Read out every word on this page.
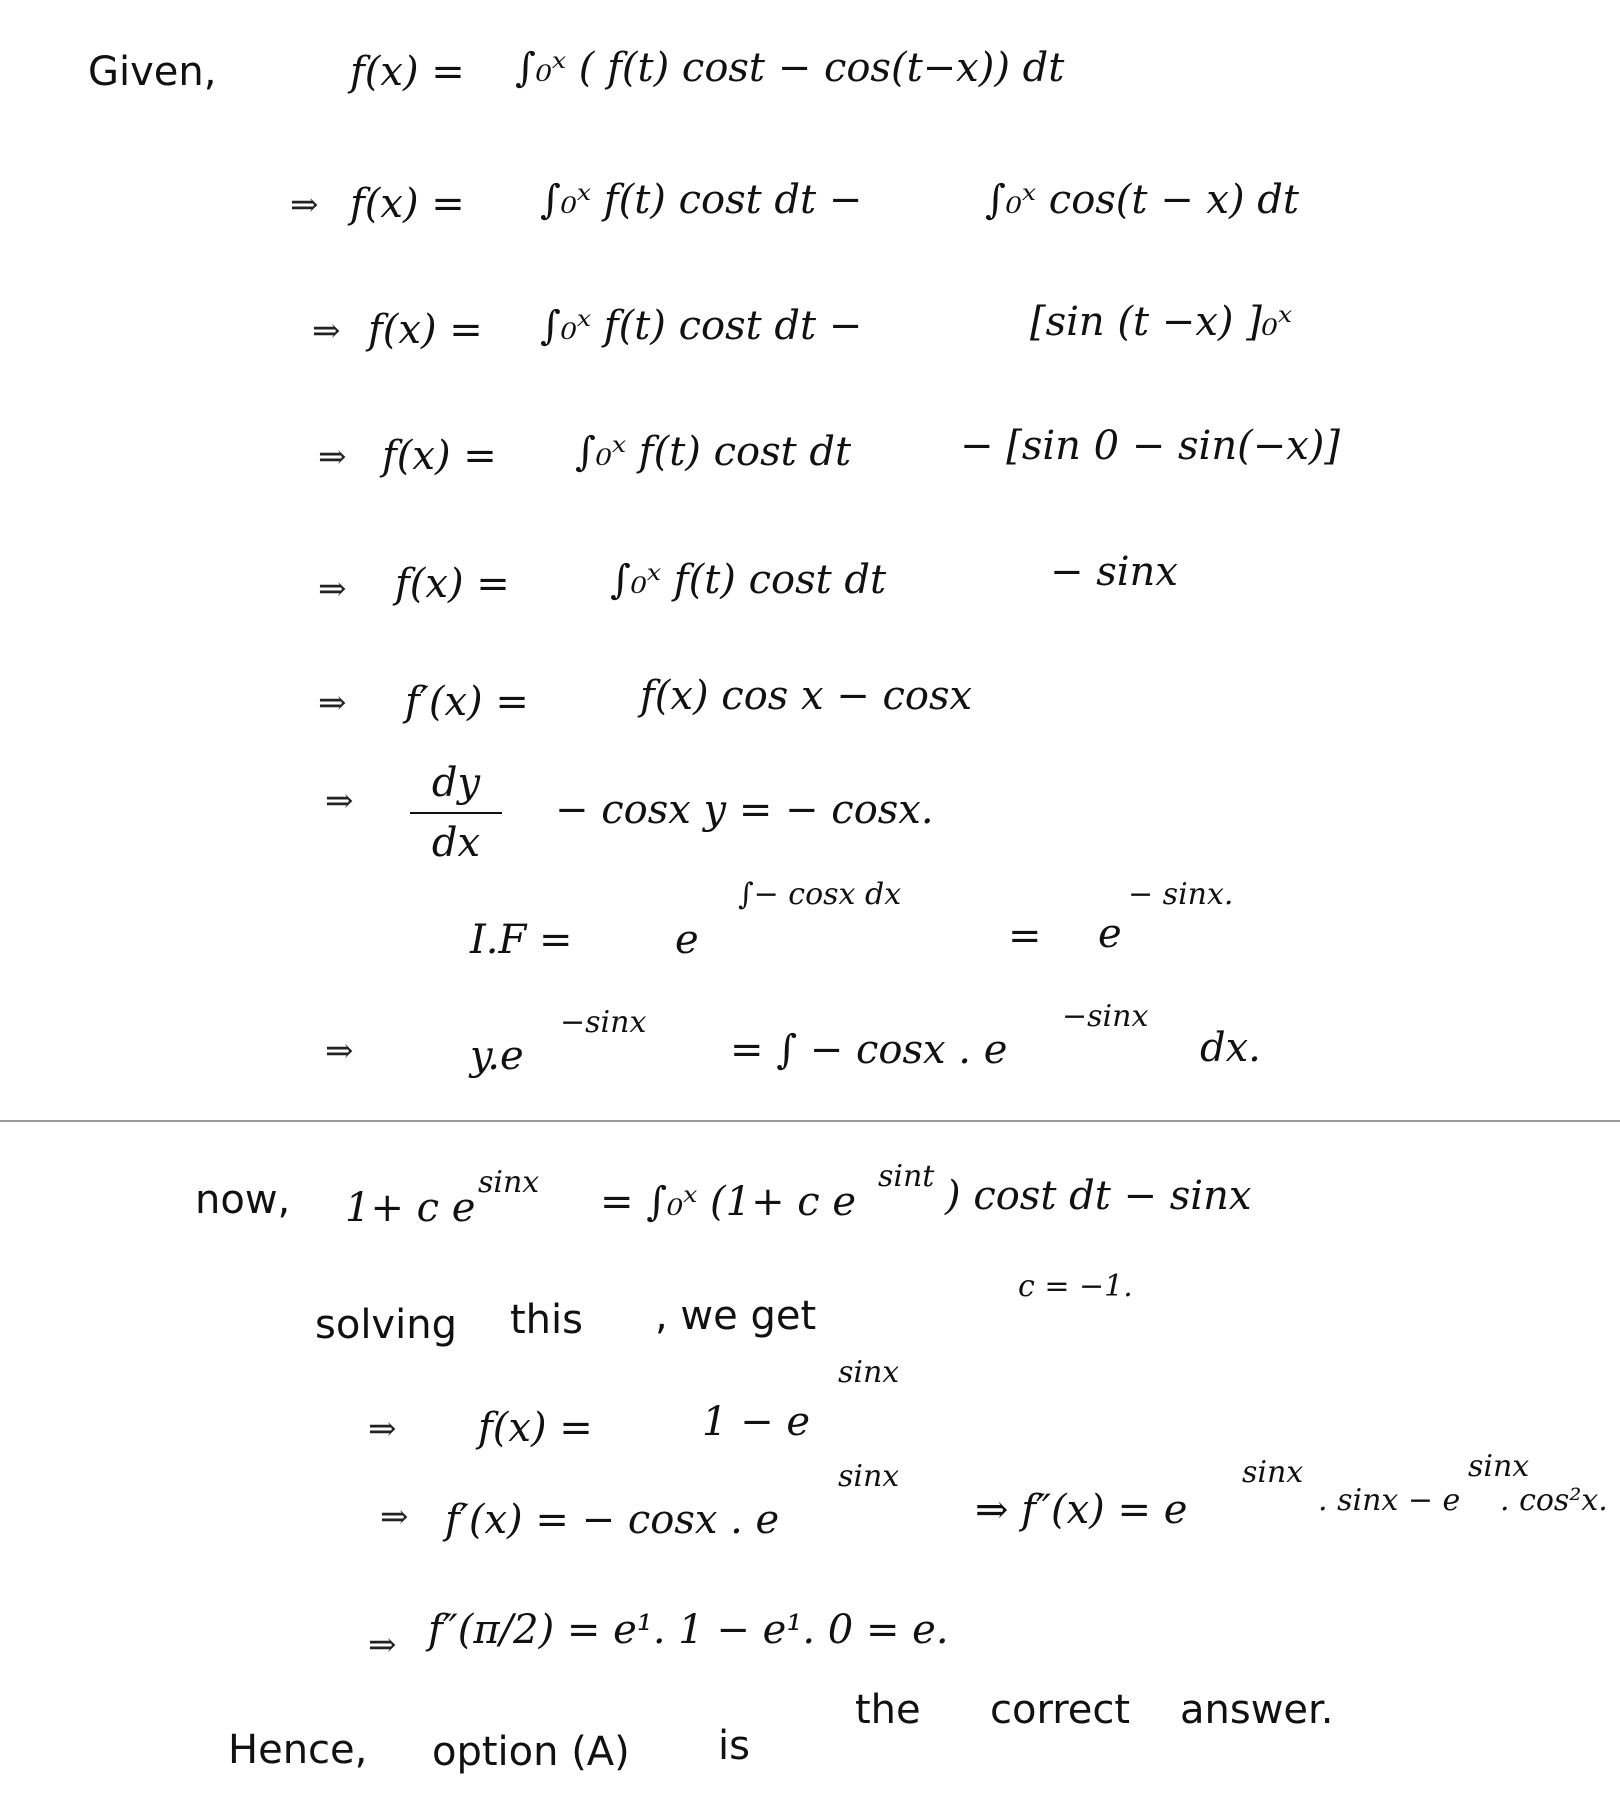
Given,	f(x) = ∫₀ˣ ( f(t) cost − cos(t−x)) dt
⇒ f(x) = ∫₀ˣ f(t) cost dt −	∫₀ˣ cos(t − x) dt
⇒ f(x) = ∫₀ˣ f(t) cost dt −	[sin (t −x) ]₀ˣ
⇒ f(x) = ∫₀ˣ f(t) cost dt	− [sin 0 − sin(−x)]
⇒ f(x) =	∫₀ˣ f(t) cost dt	− sinx
⇒ f′(x) =	f(x) cos x − cosx
⇒ dy
dx
− cosx y = − cosx.
I.F =	e
∫− cosx dx
= e
− sinx.
⇒	y.e
−sinx
= ∫ − cosx . e
−sinx
dx.
now, 1+ c e
sinx = ∫₀ˣ (1+ c e
sint ) cost dt − sinx
solving this , we get
c = −1.
⇒ f(x) =	1 − e
sinx
⇒ f′(x) = − cosx . e
sinx
⇒ f″(x) = e
sinx
. sinx − e
sinx
. cos²x.
⇒ f″(π/2) = e¹. 1 − e¹. 0 = e.
Hence, option (A) is
the correct answer.
